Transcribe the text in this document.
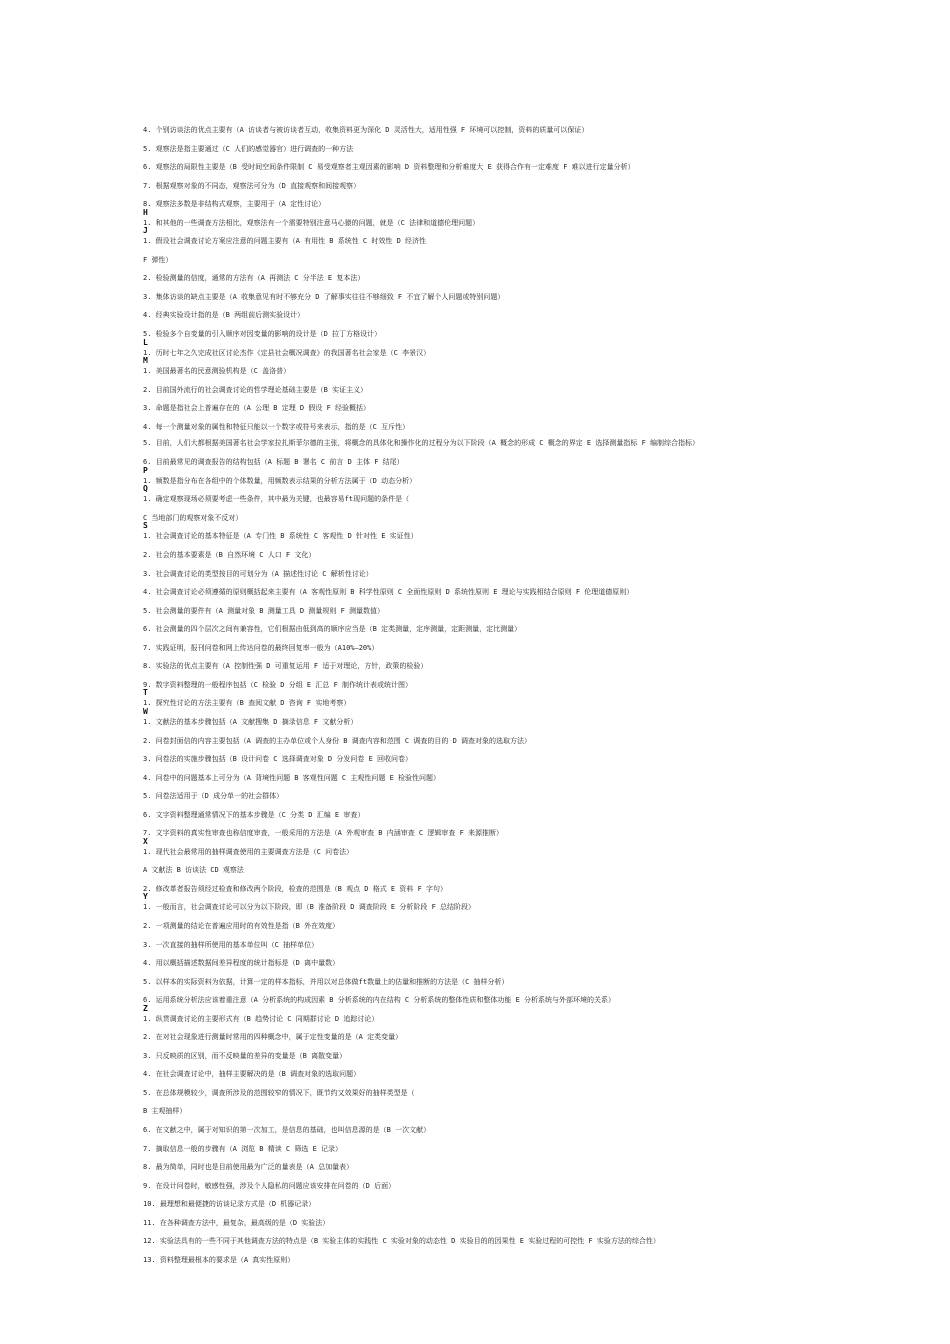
4. 个别访谈法的优点主要有（A 访谈者与被访谈者互动，收集资料更为深化 D 灵活性大，适用性强 F 环境可以控制，资料的质量可以保证）
5. 观察法是指主要通过（C 人们的感觉器官）进行调查的一种方法
6. 观察法的局限性主要是（B 受时间空间条件限制 C 易受观察者主观因素的影响 D 资料整理和分析难度大 E 获得合作有一定难度 F 难以进行定量分析）
7. 根据观察对象的不同态，观察法可分为（D 直接观察和间接观察）
8. 观察法多数是非结构式观察，主要用于（A 定性讨论）
H
1. 和其他的一些调查方法相比，观察法有一个需要特别注意马心猿的问题，就是（C 法律和道德伦理问题）
J
1. 假设社会调查讨论方案应注意的问题主要有（A 有用性 B 系统性 C 时效性 D 经济性
F 弹性）
2. 检验测量的信度，通常的方法有（A 再测法 C 分半法 E 复本法）
3. 集体访谈的缺点主要是（A 收集意见有时不够充分 D 了解事实往往不够细致 F 不宜了解个人问题或特别问题）
4. 经典实验设计指的是（B 两组前后测实验设计）
5. 检验多个自变量的引入顺序对因变量的影响的设计是（D 拉丁方格设计）
L
1. 历时七年之久完成社区讨论杰作《定县社会概况调查》的我国著名社会家是（C 李景汉）
M
1. 美国最著名的民意测验机构是（C 盖洛普）
2. 目前国外流行的社会调查讨论的哲学理论基础主要是（B 实证主义）
3. 命题是指社会上普遍存在的（A 公理 B 定理 D 假设 F 经验概括）
4. 每一个测量对象的属性和特征只能以一个数字或符号来表示，指的是（C 互斥性）
5. 目前，人们大都根据美国著名社会学家拉扎斯菲尔德的主张，将概念的具体化和操作化的过程分为以下阶段（A 概念的形成 C 概念的界定 E 选择测量指标 F 编制综合指标）
6. 目前最常见的调查报告的结构包括（A 标题 B 署名 C 前言 D 主体 F 结尾）
P
1. 频数是指分布在各组中的个体数量，用频数表示结果的分析方法属于（D 动态分析）
Q
1. 确定观察现场必须要考虑一些条件，其中最为关键，也最容易ft现问题的条件是（
C 当地部门的观察对象不反对）
S
1. 社会调查讨论的基本特征是（A 专门性 B 系统性 C 客观性 D 针对性 E 实证性）
2. 社会的基本要素是（B 自然环境 C 人口 F 文化）
3. 社会调查讨论的类型按目的可划分为（A 描述性讨论 C 解析性讨论）
4. 社会调查讨论必须遵循的原则概括起来主要有（A 客观性原则 B 科学性原则 C 全面性原则 D 系统性原则 E 理论与实践相结合原则 F 伦理道德原则）
5. 社会测量的要件有（A 测量对象 B 测量工具 D 测量规则 F 测量数值）
6. 社会测量的四个层次之间有兼容性，它们根据由低到高的顺序应当是（B 定类测量，定序测量，定距测量，定比测量）
7. 实践证明，报刊问卷和网上传达问卷的最终回复率一般为（A10%—20%）
8. 实验法的优点主要有（A 控制性强 D 可重复运用 F 适于对理论，方针，政策的检验）
9. 数字资料整理的一般程序包括（C 检验 D 分组 E 汇总 F 制作统计表或统计图）
T
1. 探究性讨论的方法主要有（B 查阅文献 D 咨询 F 实地考察）
W
1. 文献法的基本步骤包括（A 文献搜集 D 摘录信息 F 文献分析）
2. 问卷封面信的内容主要包括（A 调查的主办单位或个人身份 B 调查内容和范围 C 调查的目的 D 调查对象的选取方法）
3. 问卷法的实施步骤包括（B 设计问卷 C 选择调查对象 D 分发问卷 E 回收问卷）
4. 问卷中的问题基本上可分为（A 背境性问题 B 客观性问题 C 主观性问题 E 检验性问题）
5. 问卷法适用于（D 成分单一的社会群体）
6. 文字资料整理通常情况下的基本步骤是（C 分类 D 汇编 E 审查）
7. 文字资料的真实性审查也称信度审查，一般采用的方法是（A 外观审查 B 内涵审查 C 逻辑审查 F 来源推断）
X
1. 现代社会最常用的抽样调查使用的主要调查方法是（C 问卷法）
A 文献法 B 访谈法 CD 观察法
2. 修改革者报告须经过检查和修改两个阶段，检查的范围是（B 观点 D 格式 E 资料 F 字句）
Y
1. 一般而言，社会调查讨论可以分为以下阶段，即（B 准备阶段 D 调查阶段 E 分析阶段 F 总结阶段）
2. 一项测量的结论在普遍应用时的有效性是指（B 外在效度）
3. 一次直接的抽样所使用的基本单位叫（C 抽样单位）
4. 用以概括描述数据间差异程度的统计指标是（D 离中量数）
5. 以样本的实际资料为依据，计算一定的样本指标，并用以对总体做ft数量上的估量和推断的方法是（C 抽样分析）
6. 运用系统分析法应该着重注意（A 分析系统的构成因素 B 分析系统的内在结构 C 分析系统的整体性质和整体功能 E 分析系统与外部环境的关系）
Z
1. 纵贯调查讨论的主要形式有（B 趋势讨论 C 同期群讨论 D 追踪讨论）
2. 在对社会现象进行测量时常用的四种概念中，属于定性变量的是（A 定类变量）
3. 只反映质的区别，而不反映量的差异的变量是（B 离散变量）
4. 在社会调查讨论中，抽样主要解决的是（B 调查对象的选取问题）
5. 在总体规模较少，调查所涉及的范围较窄的情况下，既节约又效果好的抽样类型是（
B 主观抽样）
6. 在文献之中，属于对知识的第一次加工，是信息的基础，也叫信息源的是（B 一次文献）
7. 摘取信息一般的步骤有（A 浏览 B 精读 C 筛选 E 记录）
8. 最为简单，同时也是目前使用最为广泛的量表是（A 总加量表）
9. 在设计问卷时，敏感性强，涉及个人隐私的问题应该安排在问卷的（D 后面）
10. 最理想和最便捷的访谈记录方式是（D 机器记录）
11. 在各种调查方法中，最复杂，最高级的是（D 实验法）
12. 实验法具有的一些不同于其他调查方法的特点是（B 实验主体的实践性 C 实验对象的动态性 D 实验目的的因果性 E 实验过程的可控性 F 实验方法的综合性）
13. 资料整理最根本的要求是（A 真实性原则）
